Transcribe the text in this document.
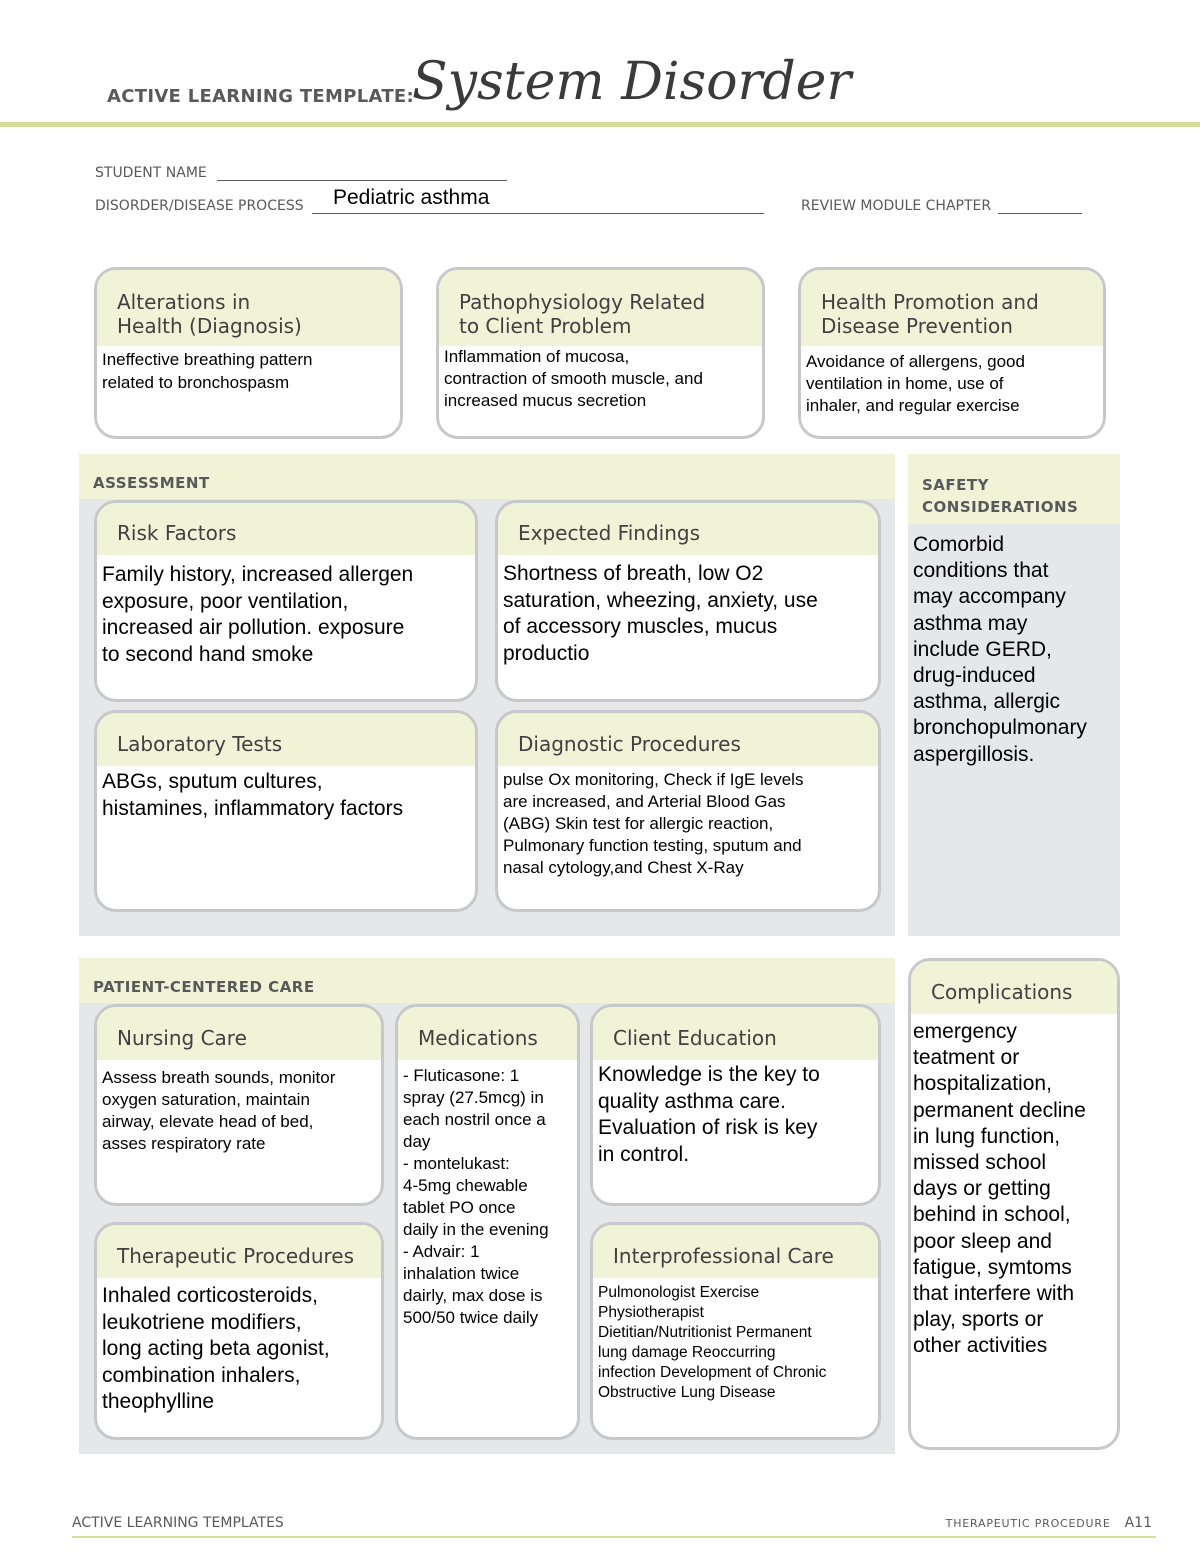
ACTIVE LEARNING TEMPLATE:
System Disorder
STUDENT NAME
DISORDER/DISEASE PROCESS	Pediatric asthma	REVIEW MODULE CHAPTER
Alterations in
Health (Diagnosis)
Ineffective breathing pattern
related to bronchospasm
Pathophysiology Related
to Client Problem
Inflammation of mucosa,
contraction of smooth muscle, and
increased mucus secretion
Health Promotion and
Disease Prevention
Avoidance of allergens, good
ventilation in home, use of
inhaler, and regular exercise
ASSESSMENT
Risk Factors
Family history, increased allergen
exposure, poor ventilation,
increased air pollution. exposure
to second hand smoke
Expected Findings
Shortness of breath, low O2
saturation, wheezing, anxiety, use
of accessory muscles, mucus
productio
Laboratory Tests
ABGs, sputum cultures,
histamines, inflammatory factors
Diagnostic Procedures
pulse Ox monitoring, Check if IgE levels
are increased, and Arterial Blood Gas
(ABG) Skin test for allergic reaction,
Pulmonary function testing, sputum and
nasal cytology,and Chest X-Ray
SAFETY
CONSIDERATIONS
Comorbid
conditions that
may accompany
asthma may
include GERD,
drug-induced
asthma, allergic
bronchopulmonary
aspergillosis.
PATIENT-CENTERED CARE
Nursing Care
Assess breath sounds, monitor
oxygen saturation, maintain
airway, elevate head of bed,
asses respiratory rate
Medications
- Fluticasone: 1
spray (27.5mcg) in
each nostril once a
day
- montelukast:
4-5mg chewable
tablet PO once
daily in the evening
- Advair: 1
inhalation twice
dairly, max dose is
500/50 twice daily
Client Education
Knowledge is the key to
quality asthma care.
Evaluation of risk is key
in control.
Therapeutic Procedures
Inhaled corticosteroids,
leukotriene modifiers,
long acting beta agonist,
combination inhalers,
theophylline
Interprofessional Care
Pulmonologist Exercise
Physiotherapist
Dietitian/Nutritionist Permanent
lung damage Reoccurring
infection Development of Chronic
Obstructive Lung Disease
Complications
emergency
teatment or
hospitalization,
permanent decline
in lung function,
missed school
days or getting
behind in school,
poor sleep and
fatigue, symtoms
that interfere with
play, sports or
other activities
ACTIVE LEARNING TEMPLATES	THERAPEUTIC PROCEDURE A11
